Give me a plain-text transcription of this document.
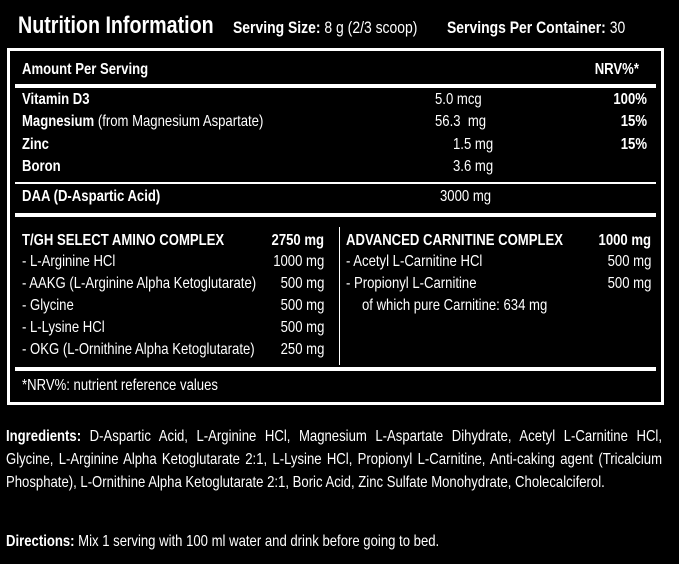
Nutrition Information	Serving Size: 8 g (2/3 scoop)	Servings Per Container: 30
Amount Per Serving	NRV%*
Vitamin D3	5.0 mcg	100%
Magnesium (from Magnesium Aspartate)	56.3  mg	15%
Zinc	1.5 mg	15%
Boron	3.6 mg
DAA (D-Aspartic Acid)	3000 mg
T/GH SELECT AMINO COMPLEX	2750 mg
- L-Arginine HCl	1000 mg
- AAKG (L-Arginine Alpha Ketoglutarate)	500 mg
- Glycine	500 mg
- L-Lysine HCl	500 mg
- OKG (L-Ornithine Alpha Ketoglutarate)	250 mg
ADVANCED CARNITINE COMPLEX	1000 mg
- Acetyl L-Carnitine HCl	500 mg
- Propionyl L-Carnitine	500 mg
of which pure Carnitine: 634 mg
*NRV%: nutrient reference values
Ingredients: D-Aspartic Acid, L-Arginine HCl, Magnesium L-Aspartate Dihydrate, Acetyl L-Carnitine HCl, Glycine, L-Arginine Alpha Ketoglutarate 2:1, L-Lysine HCl, Propionyl L-Carnitine, Anti-caking agent (Tricalcium Phosphate), L-Ornithine Alpha Ketoglutarate 2:1, Boric Acid, Zinc Sulfate Monohydrate, Cholecalciferol.
Directions: Mix 1 serving with 100 ml water and drink before going to bed.
